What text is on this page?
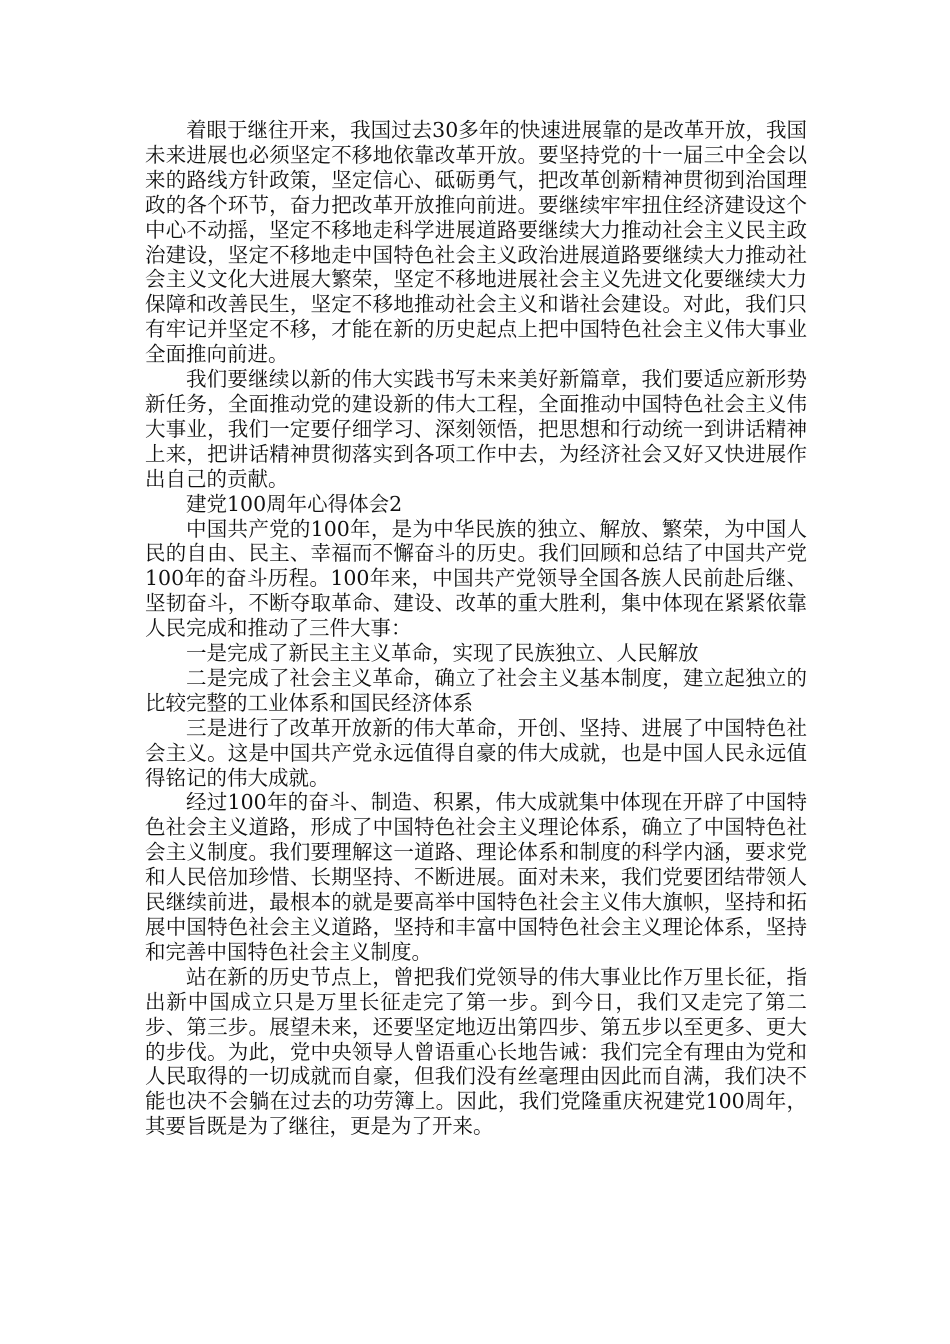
着眼于继往开来，我国过去30多年的快速进展靠的是改革开放，我国未来进展也必须坚定不移地依靠改革开放。要坚持党的十一届三中全会以来的路线方针政策，坚定信心、砥砺勇气，把改革创新精神贯彻到治国理政的各个环节，奋力把改革开放推向前进。要继续牢牢扭住经济建设这个中心不动摇，坚定不移地走科学进展道路要继续大力推动社会主义民主政治建设，坚定不移地走中国特色社会主义政治进展道路要继续大力推动社会主义文化大进展大繁荣，坚定不移地进展社会主义先进文化要继续大力保障和改善民生，坚定不移地推动社会主义和谐社会建设。对此，我们只有牢记并坚定不移，才能在新的历史起点上把中国特色社会主义伟大事业全面推向前进。

我们要继续以新的伟大实践书写未来美好新篇章，我们要适应新形势新任务，全面推动党的建设新的伟大工程，全面推动中国特色社会主义伟大事业，我们一定要仔细学习、深刻领悟，把思想和行动统一到讲话精神上来，把讲话精神贯彻落实到各项工作中去，为经济社会又好又快进展作出自己的贡献。

建党100周年心得体会2

中国共产党的100年，是为中华民族的独立、解放、繁荣，为中国人民的自由、民主、幸福而不懈奋斗的历史。我们回顾和总结了中国共产党100年的奋斗历程。100年来，中国共产党领导全国各族人民前赴后继、坚韧奋斗，不断夺取革命、建设、改革的重大胜利，集中体现在紧紧依靠人民完成和推动了三件大事：

一是完成了新民主主义革命，实现了民族独立、人民解放

二是完成了社会主义革命，确立了社会主义基本制度，建立起独立的比较完整的工业体系和国民经济体系

三是进行了改革开放新的伟大革命，开创、坚持、进展了中国特色社会主义。这是中国共产党永远值得自豪的伟大成就，也是中国人民永远值得铭记的伟大成就。

经过100年的奋斗、制造、积累，伟大成就集中体现在开辟了中国特色社会主义道路，形成了中国特色社会主义理论体系，确立了中国特色社会主义制度。我们要理解这一道路、理论体系和制度的科学内涵，要求党和人民倍加珍惜、长期坚持、不断进展。面对未来，我们党要团结带领人民继续前进，最根本的就是要高举中国特色社会主义伟大旗帜，坚持和拓展中国特色社会主义道路，坚持和丰富中国特色社会主义理论体系，坚持和完善中国特色社会主义制度。

站在新的历史节点上，曾把我们党领导的伟大事业比作万里长征，指出新中国成立只是万里长征走完了第一步。到今日，我们又走完了第二步、第三步。展望未来，还要坚定地迈出第四步、第五步以至更多、更大的步伐。为此，党中央领导人曾语重心长地告诫：我们完全有理由为党和人民取得的一切成就而自豪，但我们没有丝毫理由因此而自满，我们决不能也决不会躺在过去的功劳簿上。因此，我们党隆重庆祝建党100周年，其要旨既是为了继往，更是为了开来。
